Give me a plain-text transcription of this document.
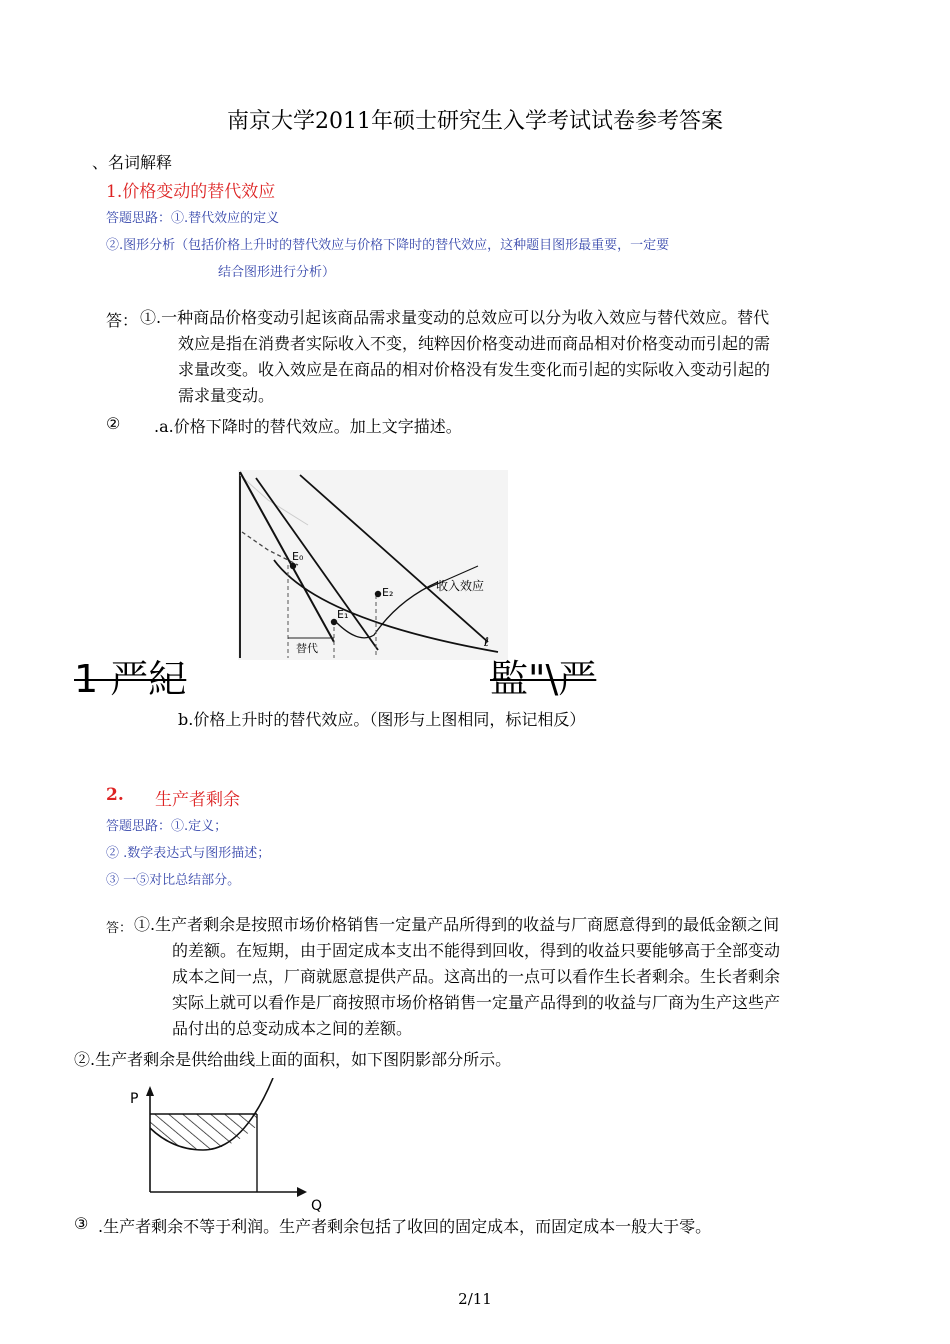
南京大学2011年硕士研究生入学考试试卷参考答案
、名词解释
1.价格变动的替代效应
答题思路：①.替代效应的定义
②.图形分析（包括价格上升时的替代效应与价格下降时的替代效应，这种题目图形最重要，一定要
结合图形进行分析）
答： ①.一种商品价格变动引起该商品需求量变动的总效应可以分为收入效应与替代效应。替代
效应是指在消费者实际收入不变，纯粹因价格变动进而商品相对价格变动而引起的需
求量改变。收入效应是在商品的相对价格没有发生变化而引起的实际收入变动引起的
需求量变动。
② .a.价格下降时的替代效应。加上文字描述。
E₀
E₁
E₂	收入效应
替代	ℓ
1 严紀	監"\严
b.价格上升时的替代效应。（图形与上图相同，标记相反）
2. 生产者剩余
答题思路：①.定义；
② .数学表达式与图形描述；
③ 一⑤对比总结部分。
答： ①.生产者剩余是按照市场价格销售一定量产品所得到的收益与厂商愿意得到的最低金额之间
的差额。在短期，由于固定成本支出不能得到回收，得到的收益只要能够高于全部变动
成本之间一点，厂商就愿意提供产品。这高出的一点可以看作生长者剩余。生长者剩余
实际上就可以看作是厂商按照市场价格销售一定量产品得到的收益与厂商为生产这些产
品付出的总变动成本之间的差额。
②.生产者剩余是供给曲线上面的面积，如下图阴影部分所示。
P
Q
③ .生产者剩余不等于利润。生产者剩余包括了收回的固定成本，而固定成本一般大于零。
2/11
